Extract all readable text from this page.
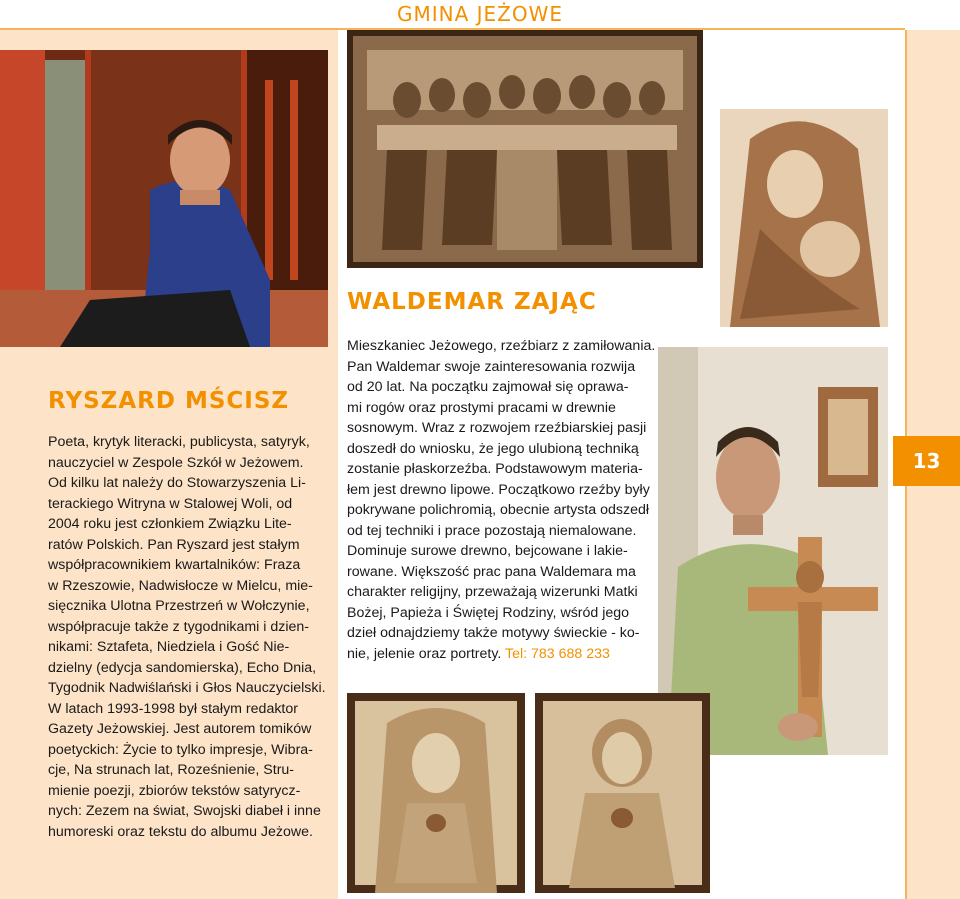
GMINA JEŻOWE
13
RYSZARD MŚCISZ
Poeta, krytyk literacki, publicysta, satyryk,
nauczyciel w Zespole Szkół w Jeżowem.
Od kilku lat należy do Stowarzyszenia Li-
terackiego Witryna w Stalowej Woli, od
2004 roku jest członkiem Związku Lite-
ratów Polskich. Pan Ryszard jest stałym
współpracownikiem kwartalników: Fraza
w Rzeszowie, Nadwisłocze w Mielcu, mie-
sięcznika Ulotna Przestrzeń w Wołczynie,
współpracuje także z tygodnikami i dzien-
nikami: Sztafeta, Niedziela i Gość Nie-
dzielny (edycja sandomierska), Echo Dnia,
Tygodnik Nadwiślański i Głos Nauczycielski.
W latach 1993-1998 był stałym redaktor
Gazety Jeżowskiej. Jest autorem tomików
poetyckich: Życie to tylko impresje, Wibra-
cje, Na strunach lat, Roześnienie, Stru-
mienie poezji, zbiorów tekstów satyrycz-
nych: Zezem na świat, Swojski diabeł i inne
humoreski oraz tekstu do albumu Jeżowe.
WALDEMAR ZAJĄC
Mieszkaniec Jeżowego, rzeźbiarz z zamiłowania.
Pan Waldemar swoje zainteresowania rozwija
od 20 lat. Na początku zajmował się oprawa-
mi rogów oraz prostymi pracami w drewnie
sosnowym. Wraz z rozwojem rzeźbiarskiej pasji
doszedł do wniosku, że jego ulubioną techniką
zostanie płaskorzeźba. Podstawowym materia-
łem jest drewno lipowe. Początkowo rzeźby były
pokrywane polichromią, obecnie artysta odszedł
od tej techniki i prace pozostają niemalowane.
Dominuje surowe drewno, bejcowane i lakie-
rowane. Większość prac pana Waldemara ma
charakter religijny, przeważają wizerunki Matki
Bożej, Papieża i Świętej Rodziny, wśród jego
dzieł odnajdziemy także motywy świeckie - ko-
nie, jelenie oraz portrety. Tel: 783 688 233
